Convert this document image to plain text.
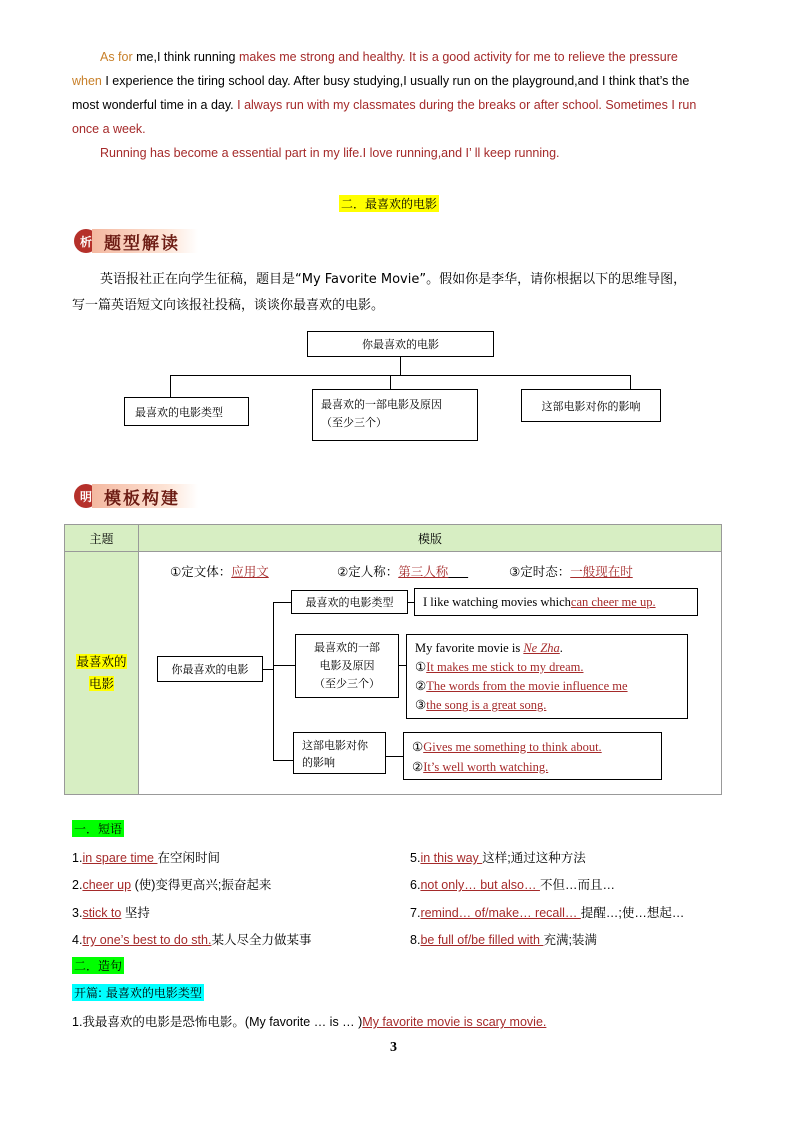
As for me,I think running makes me strong and healthy. It is a good activity for me to relieve the pressure
when I experience the tiring school day. After busy studying,I usually run on the playground,and I think that’s the
most wonderful time in a day. I always run with my classmates during the breaks or after school. Sometimes I run
once a week.
Running has become a essential part in my life.I love running,and I’ ll keep running.
二．最喜欢的电影
析 题型解读
英语报社正在向学生征稿，题目是“My Favorite Movie”。假如你是李华，请你根据以下的思维导图，
写一篇英语短文向该报社投稿，谈谈你最喜欢的电影。
你最喜欢的电影
最喜欢的电影类型
最喜欢的一部电影及原因
（至少三个）
这部电影对你的影响
明 模板构建
主题	模版
最喜欢的
电影	
①定文体：应用文	②定人称：第三人称	③定时态：一般现在时
你最喜欢的电影
最喜欢的电影类型
最喜欢的一部
电影及原因
（至少三个）
这部电影对你
的影响
I like watching movies which can cheer me up.
My favorite movie is Ne Zha.
①It makes me stick to my dream.
②The words from the movie influence me
③the song is a great song.
①Gives me something to think about.
②It’s well worth watching.
一．短语
1.in spare time 在空闲时间
2.cheer up (使)变得更高兴;振奋起来
3.stick to 坚持
4.try one’s best to do sth.某人尽全力做某事
5.in this way 这样;通过这种方法
6.not only… but also… 不但…而且…
7.remind… of/make… recall… 提醒…;使…想起…
8.be full of/be filled with 充满;装满
二．造句
开篇: 最喜欢的电影类型
1.我最喜欢的电影是恐怖电影。(My favorite … is … )My favorite movie is scary movie.
3
